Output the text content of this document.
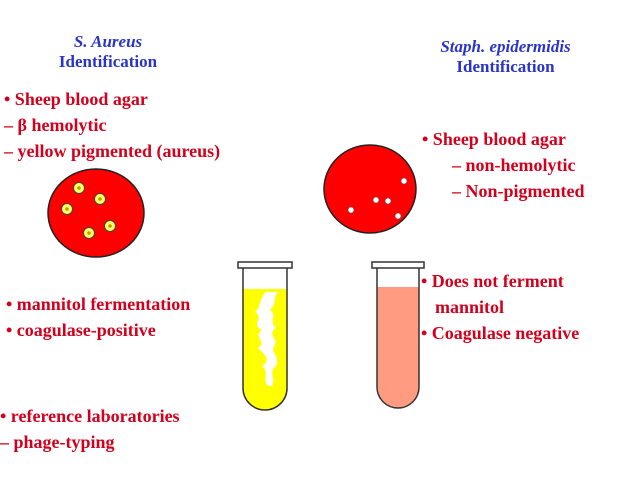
S. Aureus
Identification
Staph. epidermidis
Identification
• Sheep blood agar
– β hemolytic
– yellow pigmented (aureus)
• Sheep blood agar
– non-hemolytic
– Non-pigmented
• mannitol fermentation
• coagulase-positive
• Does not ferment
mannitol
• Coagulase negative
• reference laboratories
– phage-typing
